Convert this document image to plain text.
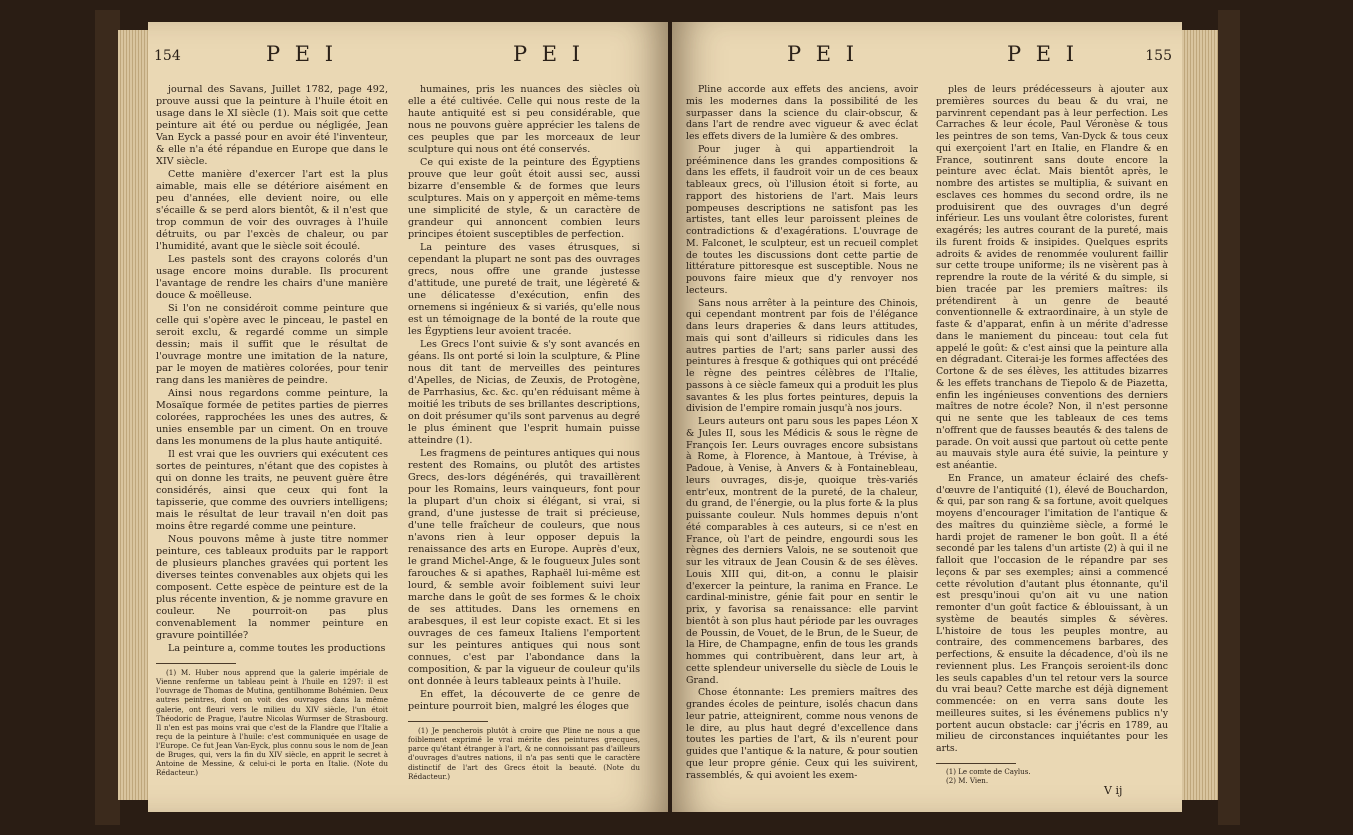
154	P E I	P E I

journal des Savans, Juillet 1782, page 492, prouve aussi que la peinture à l'huile étoit en usage dans le XI siècle (1). Mais soit que cette peinture ait été ou perdue ou négligée, Jean Van Eyck a passé pour en avoir été l'inventeur, & elle n'a été répandue en Europe que dans le XIV siècle.

Cette manière d'exercer l'art est la plus aimable, mais elle se détériore aisément en peu d'années, elle devient noire, ou elle s'écaille & se perd alors bientôt, & il n'est que trop commun de voir des ouvrages à l'huile détruits, ou par l'excès de chaleur, ou par l'humidité, avant que le siècle soit écoulé.

Les pastels sont des crayons colorés d'un usage encore moins durable. Ils procurent l'avantage de rendre les chairs d'une manière douce & moëlleuse.

Si l'on ne considéroit comme peinture que celle qui s'opère avec le pinceau, le pastel en seroit exclu, & regardé comme un simple dessin; mais il suffit que le résultat de l'ouvrage montre une imitation de la nature, par le moyen de matières colorées, pour tenir rang dans les manières de peindre.

Ainsi nous regardons comme peinture, la Mosaïque formée de petites parties de pierres colorées, rapprochées les unes des autres, & unies ensemble par un ciment. On en trouve dans les monumens de la plus haute antiquité.

Il est vrai que les ouvriers qui exécutent ces sortes de peintures, n'étant que des copistes à qui on donne les traits, ne peuvent guère être considérés, ainsi que ceux qui font la tapisserie, que comme des ouvriers intelligens; mais le résultat de leur travail n'en doit pas moins être regardé comme une peinture.

Nous pouvons même à juste titre nommer peinture, ces tableaux produits par le rapport de plusieurs planches gravées qui portent les diverses teintes convenables aux objets qui les composent. Cette espèce de peinture est de la plus récente invention, & je nomme gravure en couleur. Ne pourroit-on pas plus convenablement la nommer peinture en gravure pointillée?

La peinture a, comme toutes les productions

(1) M. Huber nous apprend que la galerie impériale de Vienne renferme un tableau peint à l'huile en 1297: il est l'ouvrage de Thomas de Mutina, gentilhomme Bohémien. Deux autres peintres, dont on voit des ouvrages dans la même galerie, ont fleuri vers le milieu du XIV siècle, l'un étoit Théodoric de Prague, l'autre Nicolas Wurmser de Strasbourg. Il n'en est pas moins vrai que c'est de la Flandre que l'Italie a reçu de la peinture à l'huile: c'est communiquée en usage de l'Europe. Ce fut Jean Van-Eyck, plus connu sous le nom de Jean de Bruges, qui, vers la fin du XIV siècle, en apprit le secret à Antoine de Messine, & celui-ci le porta en Italie. (Note du Rédacteur.)

humaines, pris les nuances des siècles où elle a été cultivée. Celle qui nous reste de la haute antiquité est si peu considérable, que nous ne pouvons guère apprécier les talens de ces peuples que par les morceaux de leur sculpture qui nous ont été conservés.

Ce qui existe de la peinture des Égyptiens prouve que leur goût étoit aussi sec, aussi bizarre d'ensemble & de formes que leurs sculptures. Mais on y apperçoit en même-tems une simplicité de style, & un caractère de grandeur qui annoncent combien leurs principes étoient susceptibles de perfection.

La peinture des vases étrusques, si cependant la plupart ne sont pas des ouvrages grecs, nous offre une grande justesse d'attitude, une pureté de trait, une légèreté & une délicatesse d'exécution, enfin des ornemens si ingénieux & si variés, qu'elle nous est un témoignage de la bonté de la route que les Égyptiens leur avoient tracée.

Les Grecs l'ont suivie & s'y sont avancés en géans. Ils ont porté si loin la sculpture, & Pline nous dit tant de merveilles des peintures d'Apelles, de Nicias, de Zeuxis, de Protogène, de Parrhasius, &c. &c. qu'en réduisant même à moitié les tributs de ses brillantes descriptions, on doit présumer qu'ils sont parvenus au degré le plus éminent que l'esprit humain puisse atteindre (1).

Les fragmens de peintures antiques qui nous restent des Romains, ou plutôt des artistes Grecs, des-lors dégénérés, qui travaillèrent pour les Romains, leurs vainqueurs, font pour la plupart d'un choix si élégant, si vrai, si grand, d'une justesse de trait si précieuse, d'une telle fraîcheur de couleurs, que nous n'avons rien à leur opposer depuis la renaissance des arts en Europe. Auprès d'eux, le grand Michel-Ange, & le fougueux Jules sont farouches & si apathes, Raphaël lui-même est lourd, & semble avoir foiblement suivi leur marche dans le goût de ses formes & le choix de ses attitudes. Dans les ornemens en arabesques, il est leur copiste exact. Et si les ouvrages de ces fameux Italiens l'emportent sur les peintures antiques qui nous sont connues, c'est par l'abondance dans la composition, & par la vigueur de couleur qu'ils ont donnée à leurs tableaux peints à l'huile.

En effet, la découverte de ce genre de peinture pourroit bien, malgré les éloges que

(1) Je pencherois plutôt à croire que Pline ne nous a que foiblement exprimé le vrai mérite des peintures grecques, parce qu'étant étranger à l'art, & ne connoissant pas d'ailleurs d'ouvrages d'autres nations, il n'a pas senti que le caractère distinctif de l'art des Grecs étoit la beauté. (Note du Rédacteur.)

P E I	P E I	155

Pline accorde aux effets des anciens, avoir mis les modernes dans la possibilité de les surpasser dans la science du clair-obscur, & dans l'art de rendre avec vigueur & avec éclat les effets divers de la lumière & des ombres.

Pour juger à qui appartiendroit la prééminence dans les grandes compositions & dans les effets, il faudroit voir un de ces beaux tableaux grecs, où l'illusion étoit si forte, au rapport des historiens de l'art. Mais leurs pompeuses descriptions ne satisfont pas les artistes, tant elles leur paroissent pleines de contradictions & d'exagérations. L'ouvrage de M. Falconet, le sculpteur, est un recueil complet de toutes les discussions dont cette partie de littérature pittoresque est susceptible. Nous ne pouvons faire mieux que d'y renvoyer nos lecteurs.

Sans nous arrêter à la peinture des Chinois, qui cependant montrent par fois de l'élégance dans leurs draperies & dans leurs attitudes, mais qui sont d'ailleurs si ridicules dans les autres parties de l'art; sans parler aussi des peintures à fresque & gothiques qui ont précédé le règne des peintres célèbres de l'Italie, passons à ce siècle fameux qui a produit les plus savantes & les plus fortes peintures, depuis la division de l'empire romain jusqu'à nos jours.

Leurs auteurs ont paru sous les papes Léon X & Jules II, sous les Médicis & sous le règne de François Ier. Leurs ouvrages encore subsistans à Rome, à Florence, à Mantoue, à Trévise, à Padoue, à Venise, à Anvers & à Fontainebleau, leurs ouvrages, dis-je, quoique très-variés entr'eux, montrent de la pureté, de la chaleur, du grand, de l'énergie, ou la plus forte & la plus puissante couleur. Nuls hommes depuis n'ont été comparables à ces auteurs, si ce n'est en France, où l'art de peindre, engourdi sous les règnes des derniers Valois, ne se soutenoit que sur les vitraux de Jean Cousin & de ses élèves. Louis XIII qui, dit-on, a connu le plaisir d'exercer la peinture, la ranima en France. Le cardinal-ministre, génie fait pour en sentir le prix, y favorisa sa renaissance: elle parvint bientôt à son plus haut période par les ouvrages de Poussin, de Vouet, de le Brun, de le Sueur, de la Hire, de Champagne, enfin de tous les grands hommes qui contribuèrent, dans leur art, à cette splendeur universelle du siècle de Louis le Grand.

Chose étonnante: Les premiers maîtres des grandes écoles de peinture, isolés chacun dans leur patrie, atteignirent, comme nous venons de le dire, au plus haut degré d'excellence dans toutes les parties de l'art, & ils n'eurent pour guides que l'antique & la nature, & pour soutien que leur propre génie. Ceux qui les suivirent, rassemblés, & qui avoient les exem-

ples de leurs prédécesseurs à ajouter aux premières sources du beau & du vrai, ne parvinrent cependant pas à leur perfection. Les Carraches & leur école, Paul Véronèse & tous les peintres de son tems, Van-Dyck & tous ceux qui exerçoient l'art en Italie, en Flandre & en France, soutinrent sans doute encore la peinture avec éclat. Mais bientôt après, le nombre des artistes se multiplia, & suivant en esclaves ces hommes du second ordre, ils ne produisirent que des ouvrages d'un degré inférieur. Les uns voulant être coloristes, furent exagérés; les autres courant de la pureté, mais ils furent froids & insipides. Quelques esprits adroits & avides de renommée voulurent faillir sur cette troupe uniforme; ils ne visèrent pas à reprendre la route de la vérité & du simple, si bien tracée par les premiers maîtres: ils prétendirent à un genre de beauté conventionnelle & extraordinaire, à un style de faste & d'apparat, enfin à un mérite d'adresse dans le maniement du pinceau: tout cela fut appelé le goût: & c'est ainsi que la peinture alla en dégradant. Citerai-je les formes affectées des Cortone & de ses élèves, les attitudes bizarres & les effets tranchans de Tiepolo & de Piazetta, enfin les ingénieuses conventions des derniers maîtres de notre école? Non, il n'est personne qui ne sente que les tableaux de ces tems n'offrent que de fausses beautés & des talens de parade. On voit aussi que partout où cette pente au mauvais style aura été suivie, la peinture y est anéantie.

En France, un amateur éclairé des chefs-d'œuvre de l'antiquité (1), élevé de Bouchardon, & qui, par son rang & sa fortune, avoit quelques moyens d'encourager l'imitation de l'antique & des maîtres du quinzième siècle, a formé le hardi projet de ramener le bon goût. Il a été secondé par les talens d'un artiste (2) à qui il ne falloit que l'occasion de le répandre par ses leçons & par ses exemples; ainsi a commencé cette révolution d'autant plus étonnante, qu'il est presqu'inoui qu'on ait vu une nation remonter d'un goût factice & éblouissant, à un système de beautés simples & sévères. L'histoire de tous les peuples montre, au contraire, des commencemens barbares, des perfections, & ensuite la décadence, d'où ils ne reviennent plus. Les François seroient-ils donc les seuls capables d'un tel retour vers la source du vrai beau? Cette marche est déjà dignement commencée: on en verra sans doute les meilleures suites, si les événemens publics n'y portent aucun obstacle: car j'écris en 1789, au milieu de circonstances inquiétantes pour les arts.

(1) Le comte de Caylus.

(2) M. Vien.

V ij
